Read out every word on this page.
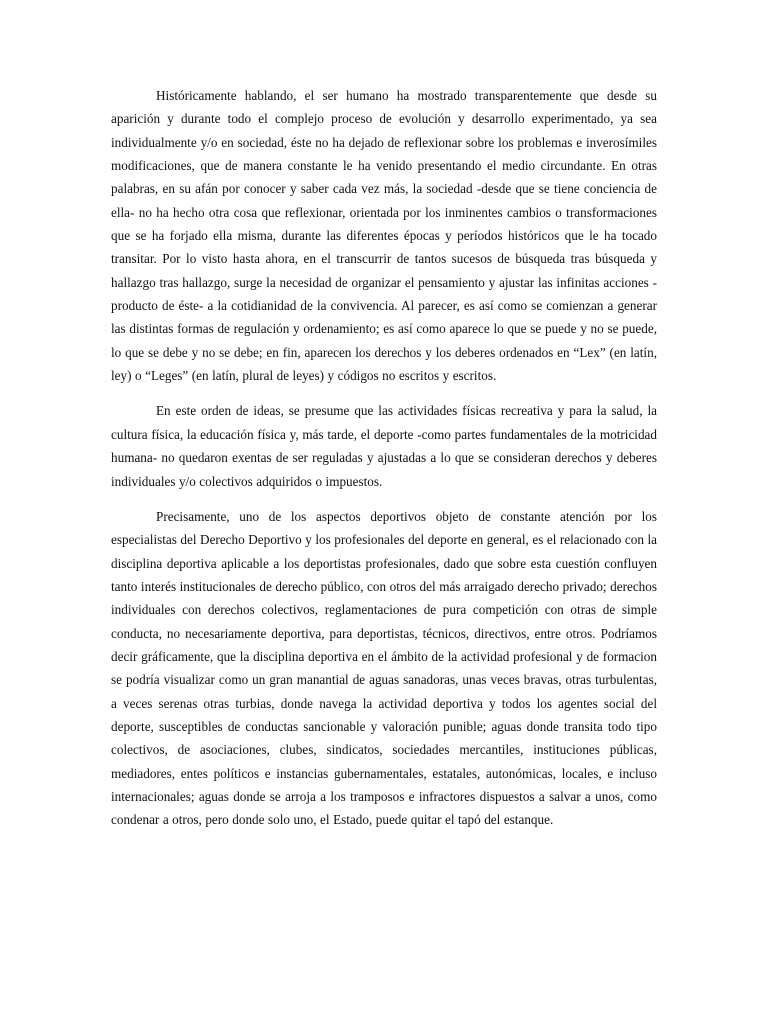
Históricamente hablando, el ser humano ha mostrado transparentemente que desde su aparición y durante todo el complejo proceso de evolución y desarrollo experimentado, ya sea individualmente y/o en sociedad, éste no ha dejado de reflexionar sobre los problemas e inverosímiles modificaciones, que de manera constante le ha venido presentando el medio circundante. En otras palabras, en su afán por conocer y saber cada vez más, la sociedad -desde que se tiene conciencia de ella- no ha hecho otra cosa que reflexionar, orientada por los inminentes cambios o transformaciones que se ha forjado ella misma, durante las diferentes épocas y períodos históricos que le ha tocado transitar. Por lo visto hasta ahora, en el transcurrir de tantos sucesos de búsqueda tras búsqueda y hallazgo tras hallazgo, surge la necesidad de organizar el pensamiento y ajustar las infinitas acciones -producto de éste- a la cotidianidad de la convivencia. Al parecer, es así como se comienzan a generar las distintas formas de regulación y ordenamiento; es así como aparece lo que se puede y no se puede, lo que se debe y no se debe; en fin, aparecen los derechos y los deberes ordenados en “Lex” (en latín, ley) o “Leges” (en latín, plural de leyes) y códigos no escritos y escritos.

En este orden de ideas, se presume que las actividades físicas recreativa y para la salud, la cultura física, la educación física y, más tarde, el deporte -como partes fundamentales de la motricidad humana- no quedaron exentas de ser reguladas y ajustadas a lo que se consideran derechos y deberes individuales y/o colectivos adquiridos o impuestos.

Precisamente, uno de los aspectos deportivos objeto de constante atención por los especialistas del Derecho Deportivo y los profesionales del deporte en general, es el relacionado con la disciplina deportiva aplicable a los deportistas profesionales, dado que sobre esta cuestión confluyen tanto interés institucionales de derecho público, con otros del más arraigado derecho privado; derechos individuales con derechos colectivos, reglamentaciones de pura competición con otras de simple conducta, no necesariamente deportiva, para deportistas, técnicos, directivos, entre otros. Podríamos decir gráficamente, que la disciplina deportiva en el ámbito de la actividad profesional y de formacion se podría visualizar como un gran manantial de aguas sanadoras, unas veces bravas, otras turbulentas, a veces serenas otras turbias, donde navega la actividad deportiva y todos los agentes social del deporte, susceptibles de conductas sancionable y valoración punible; aguas donde transita todo tipo colectivos, de asociaciones, clubes, sindicatos, sociedades mercantiles, instituciones públicas, mediadores, entes políticos e instancias gubernamentales, estatales, autonómicas, locales, e incluso internacionales; aguas donde se arroja a los tramposos e infractores dispuestos a salvar a unos, como condenar a otros, pero donde solo uno, el Estado, puede quitar el tapó del estanque.
